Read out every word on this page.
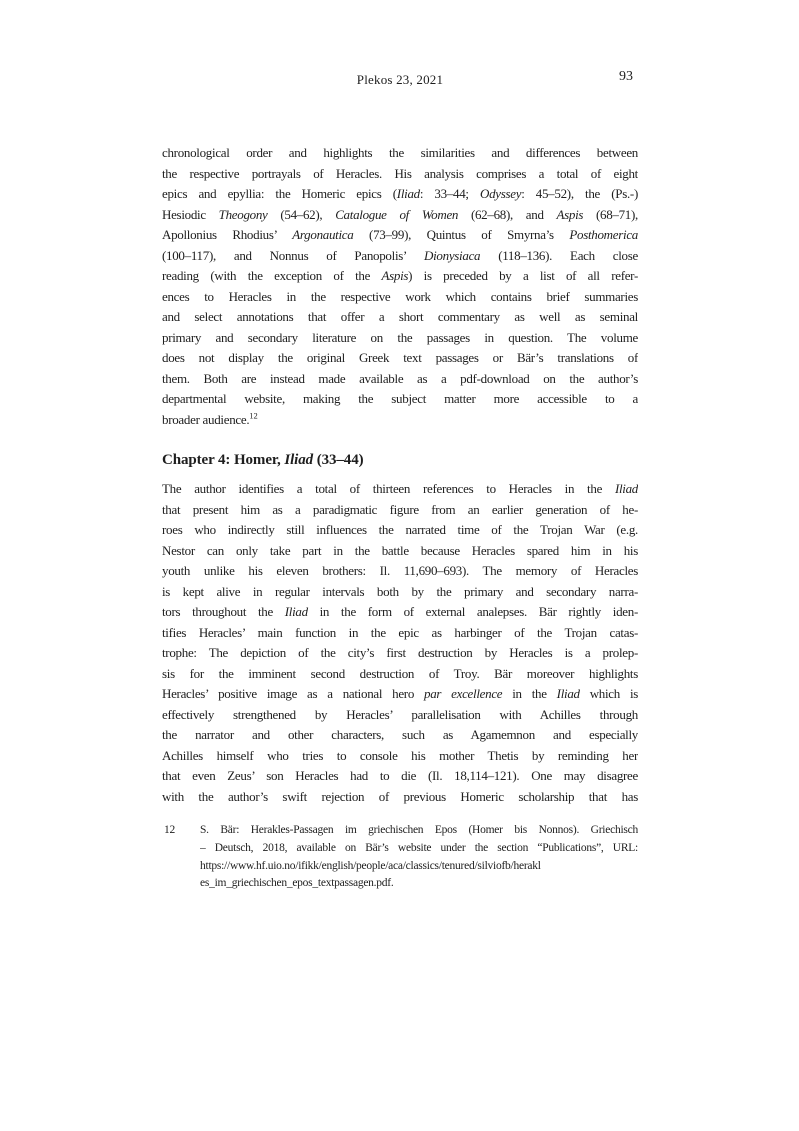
Plekos 23, 2021	93
chronological order and highlights the similarities and differences between
the respective portrayals of Heracles. His analysis comprises a total of eight
epics and epyllia: the Homeric epics (Iliad: 33–44; Odyssey: 45–52), the (Ps.-)
Hesiodic Theogony (54–62), Catalogue of Women (62–68), and Aspis (68–71),
Apollonius Rhodius’ Argonautica (73–99), Quintus of Smyrna’s Posthomerica
(100–117), and Nonnus of Panopolis’ Dionysiaca (118–136). Each close
reading (with the exception of the Aspis) is preceded by a list of all refer-
ences to Heracles in the respective work which contains brief summaries
and select annotations that offer a short commentary as well as seminal
primary and secondary literature on the passages in question. The volume
does not display the original Greek text passages or Bär’s translations of
them. Both are instead made available as a pdf-download on the author’s
departmental website, making the subject matter more accessible to a
broader audience.$^{12}$
Chapter 4: Homer, Iliad (33–44)
The author identifies a total of thirteen references to Heracles in the Iliad
that present him as a paradigmatic figure from an earlier generation of he-
roes who indirectly still influences the narrated time of the Trojan War (e.g.
Nestor can only take part in the battle because Heracles spared him in his
youth unlike his eleven brothers: Il. 11,690–693). The memory of Heracles
is kept alive in regular intervals both by the primary and secondary narra-
tors throughout the Iliad in the form of external analepses. Bär rightly iden-
tifies Heracles’ main function in the epic as harbinger of the Trojan catas-
trophe: The depiction of the city’s first destruction by Heracles is a prolep-
sis for the imminent second destruction of Troy. Bär moreover highlights
Heracles’ positive image as a national hero par excellence in the Iliad which is
effectively strengthened by Heracles’ parallelisation with Achilles through
the narrator and other characters, such as Agamemnon and especially
Achilles himself who tries to console his mother Thetis by reminding her
that even Zeus’ son Heracles had to die (Il. 18,114–121). One may disagree
with the author’s swift rejection of previous Homeric scholarship that has
12 S. Bär: Herakles-Passagen im griechischen Epos (Homer bis Nonnos). Griechisch
– Deutsch, 2018, available on Bär’s website under the section “Publications”, URL:
https://www.hf.uio.no/ifikk/english/people/aca/classics/tenured/silviofb/herakl
es_im_griechischen_epos_textpassagen.pdf.
